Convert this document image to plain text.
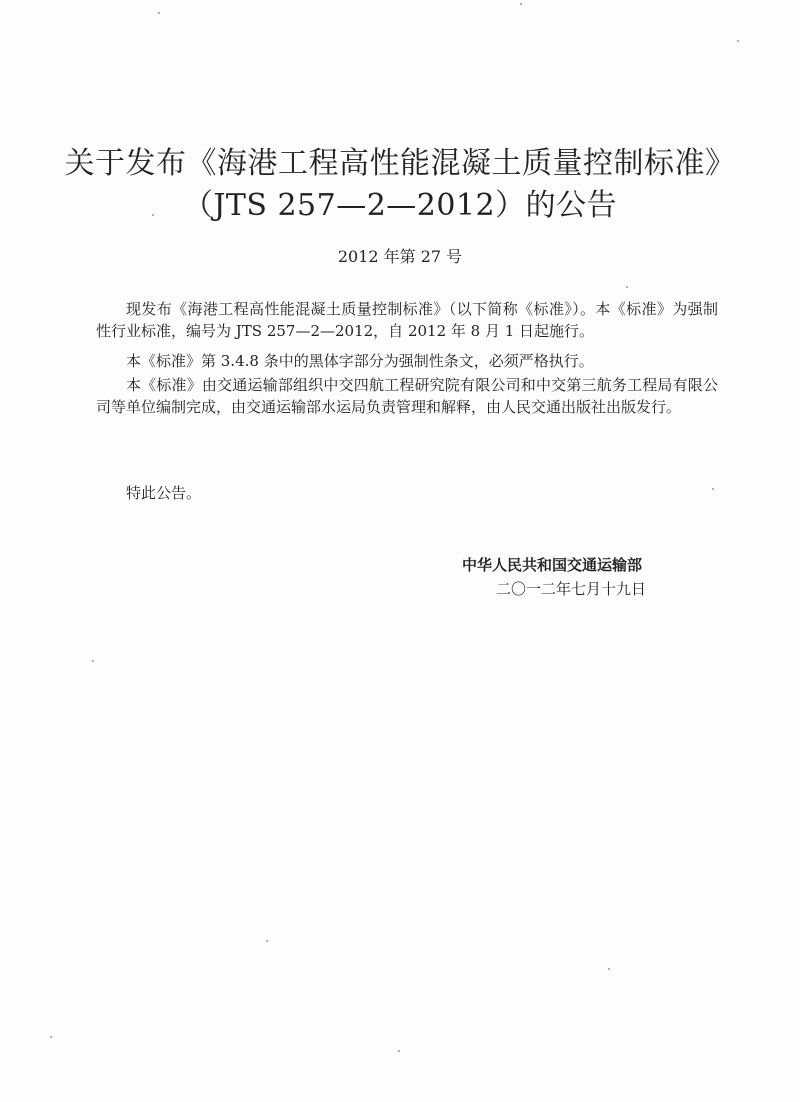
关于发布《海港工程高性能混凝土质量控制标准》
（JTS 257—2—2012）的公告
2012 年第 27 号

现发布《海港工程高性能混凝土质量控制标准》（以下简称《标准》）。本《标准》为强制性行业标准，编号为 JTS 257—2—2012，自 2012 年 8 月 1 日起施行。

本《标准》第 3.4.8 条中的黑体字部分为强制性条文，必须严格执行。

本《标准》由交通运输部组织中交四航工程研究院有限公司和中交第三航务工程局有限公司等单位编制完成，由交通运输部水运局负责管理和解释，由人民交通出版社出版发行。

特此公告。

中华人民共和国交通运输部
二〇一二年七月十九日
